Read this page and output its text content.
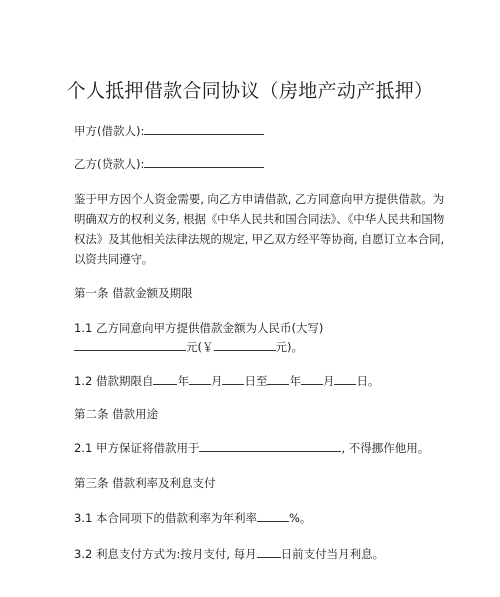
个人抵押借款合同协议（房地产动产抵押）
甲方(借款人):
乙方(贷款人):
鉴于甲方因个人资金需要, 向乙方申请借款, 乙方同意向甲方提供借款。为明确双方的权利义务, 根据《中华人民共和国合同法》、《中华人民共和国物权法》及其他相关法律法规的规定, 甲乙双方经平等协商, 自愿订立本合同, 以资共同遵守。
第一条 借款金额及期限
1.1 乙方同意向甲方提供借款金额为人民币(大写)
元(￥	元)。
1.2 借款期限自 年 月 日至 年 月 日。
第二条 借款用途
2.1 甲方保证将借款用于	, 不得挪作他用。
第三条 借款利率及利息支付
3.1 本合同项下的借款利率为年利率	%。
3.2 利息支付方式为:按月支付, 每月 日前支付当月利息。
